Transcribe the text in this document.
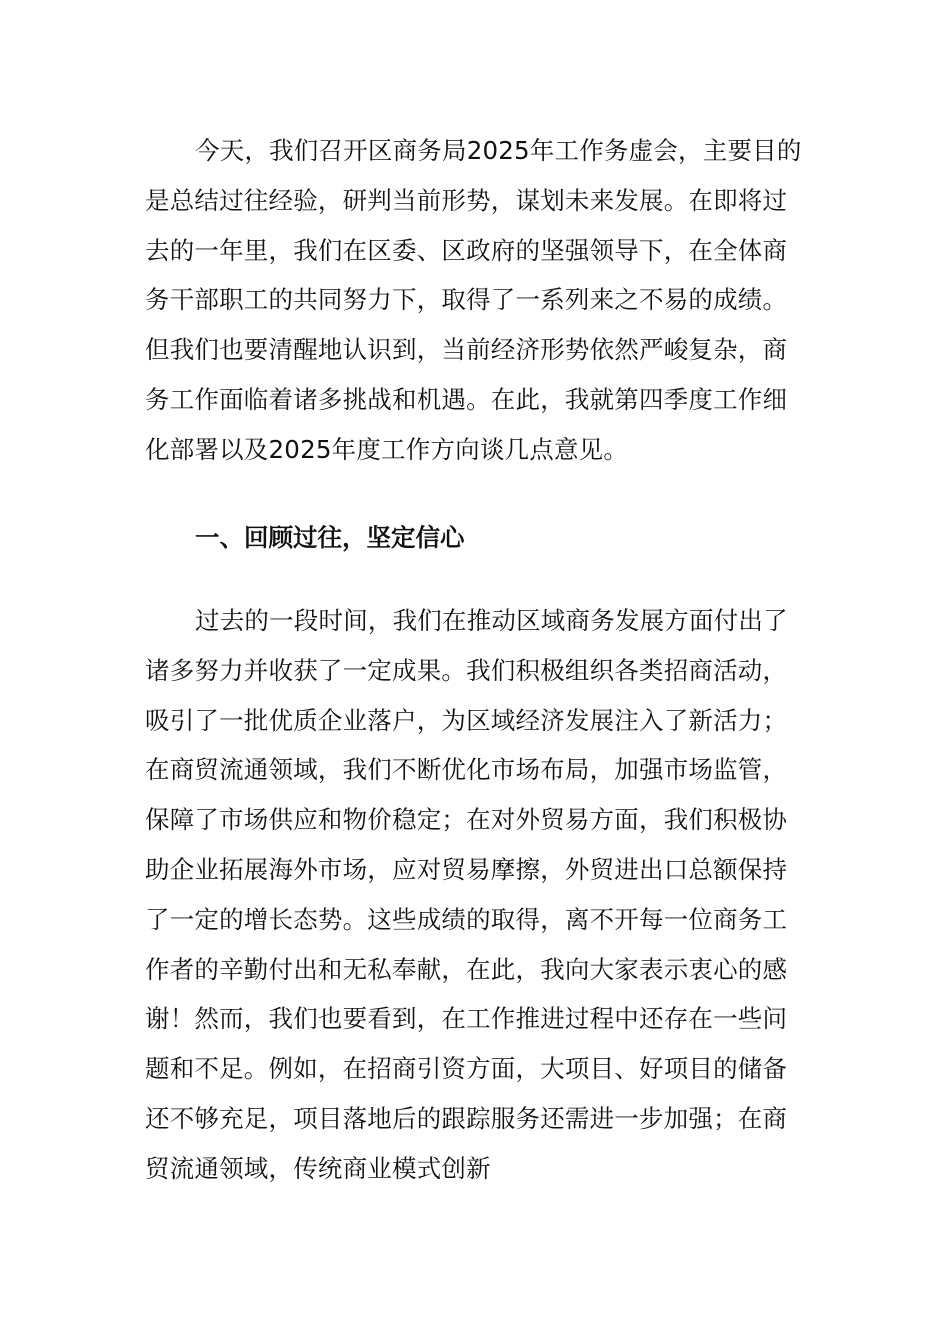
今天，我们召开区商务局2025年工作务虚会，主要目的是总结过往经验，研判当前形势，谋划未来发展。在即将过去的一年里，我们在区委、区政府的坚强领导下，在全体商务干部职工的共同努力下，取得了一系列来之不易的成绩。但我们也要清醒地认识到，当前经济形势依然严峻复杂，商务工作面临着诸多挑战和机遇。在此，我就第四季度工作细化部署以及2025年度工作方向谈几点意见。

一、回顾过往，坚定信心

过去的一段时间，我们在推动区域商务发展方面付出了诸多努力并收获了一定成果。我们积极组织各类招商活动，吸引了一批优质企业落户，为区域经济发展注入了新活力；在商贸流通领域，我们不断优化市场布局，加强市场监管，保障了市场供应和物价稳定；在对外贸易方面，我们积极协助企业拓展海外市场，应对贸易摩擦，外贸进出口总额保持了一定的增长态势。这些成绩的取得，离不开每一位商务工作者的辛勤付出和无私奉献，在此，我向大家表示衷心的感谢！然而，我们也要看到，在工作推进过程中还存在一些问题和不足。例如，在招商引资方面，大项目、好项目的储备还不够充足，项目落地后的跟踪服务还需进一步加强；在商贸流通领域，传统商业模式创新
